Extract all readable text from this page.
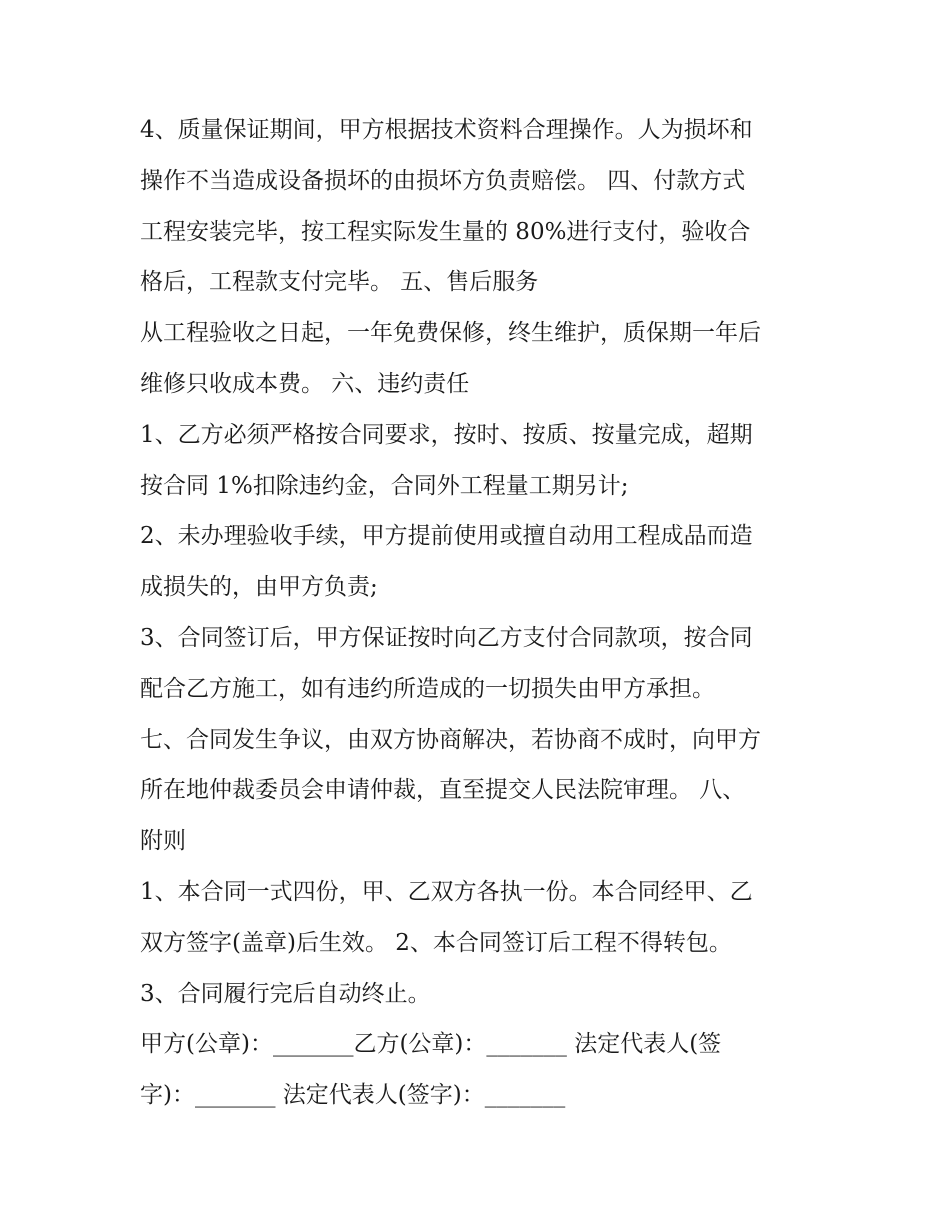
4、质量保证期间，甲方根据技术资料合理操作。人为损坏和
操作不当造成设备损坏的由损坏方负责赔偿。 四、付款方式
工程安装完毕，按工程实际发生量的 80%进行支付，验收合
格后，工程款支付完毕。 五、售后服务
从工程验收之日起，一年免费保修，终生维护，质保期一年后
维修只收成本费。 六、违约责任
1、乙方必须严格按合同要求，按时、按质、按量完成，超期
按合同 1%扣除违约金，合同外工程量工期另计;
2、未办理验收手续，甲方提前使用或擅自动用工程成品而造
成损失的，由甲方负责;
3、合同签订后，甲方保证按时向乙方支付合同款项，按合同
配合乙方施工，如有违约所造成的一切损失由甲方承担。
七、合同发生争议，由双方协商解决，若协商不成时，向甲方
所在地仲裁委员会申请仲裁，直至提交人民法院审理。 八、
附则
1、本合同一式四份，甲、乙双方各执一份。本合同经甲、乙
双方签字(盖章)后生效。 2、本合同签订后工程不得转包。
3、合同履行完后自动终止。
甲方(公章)：_______乙方(公章)：_______ 法定代表人(签
字)：_______ 法定代表人(签字)：_______
